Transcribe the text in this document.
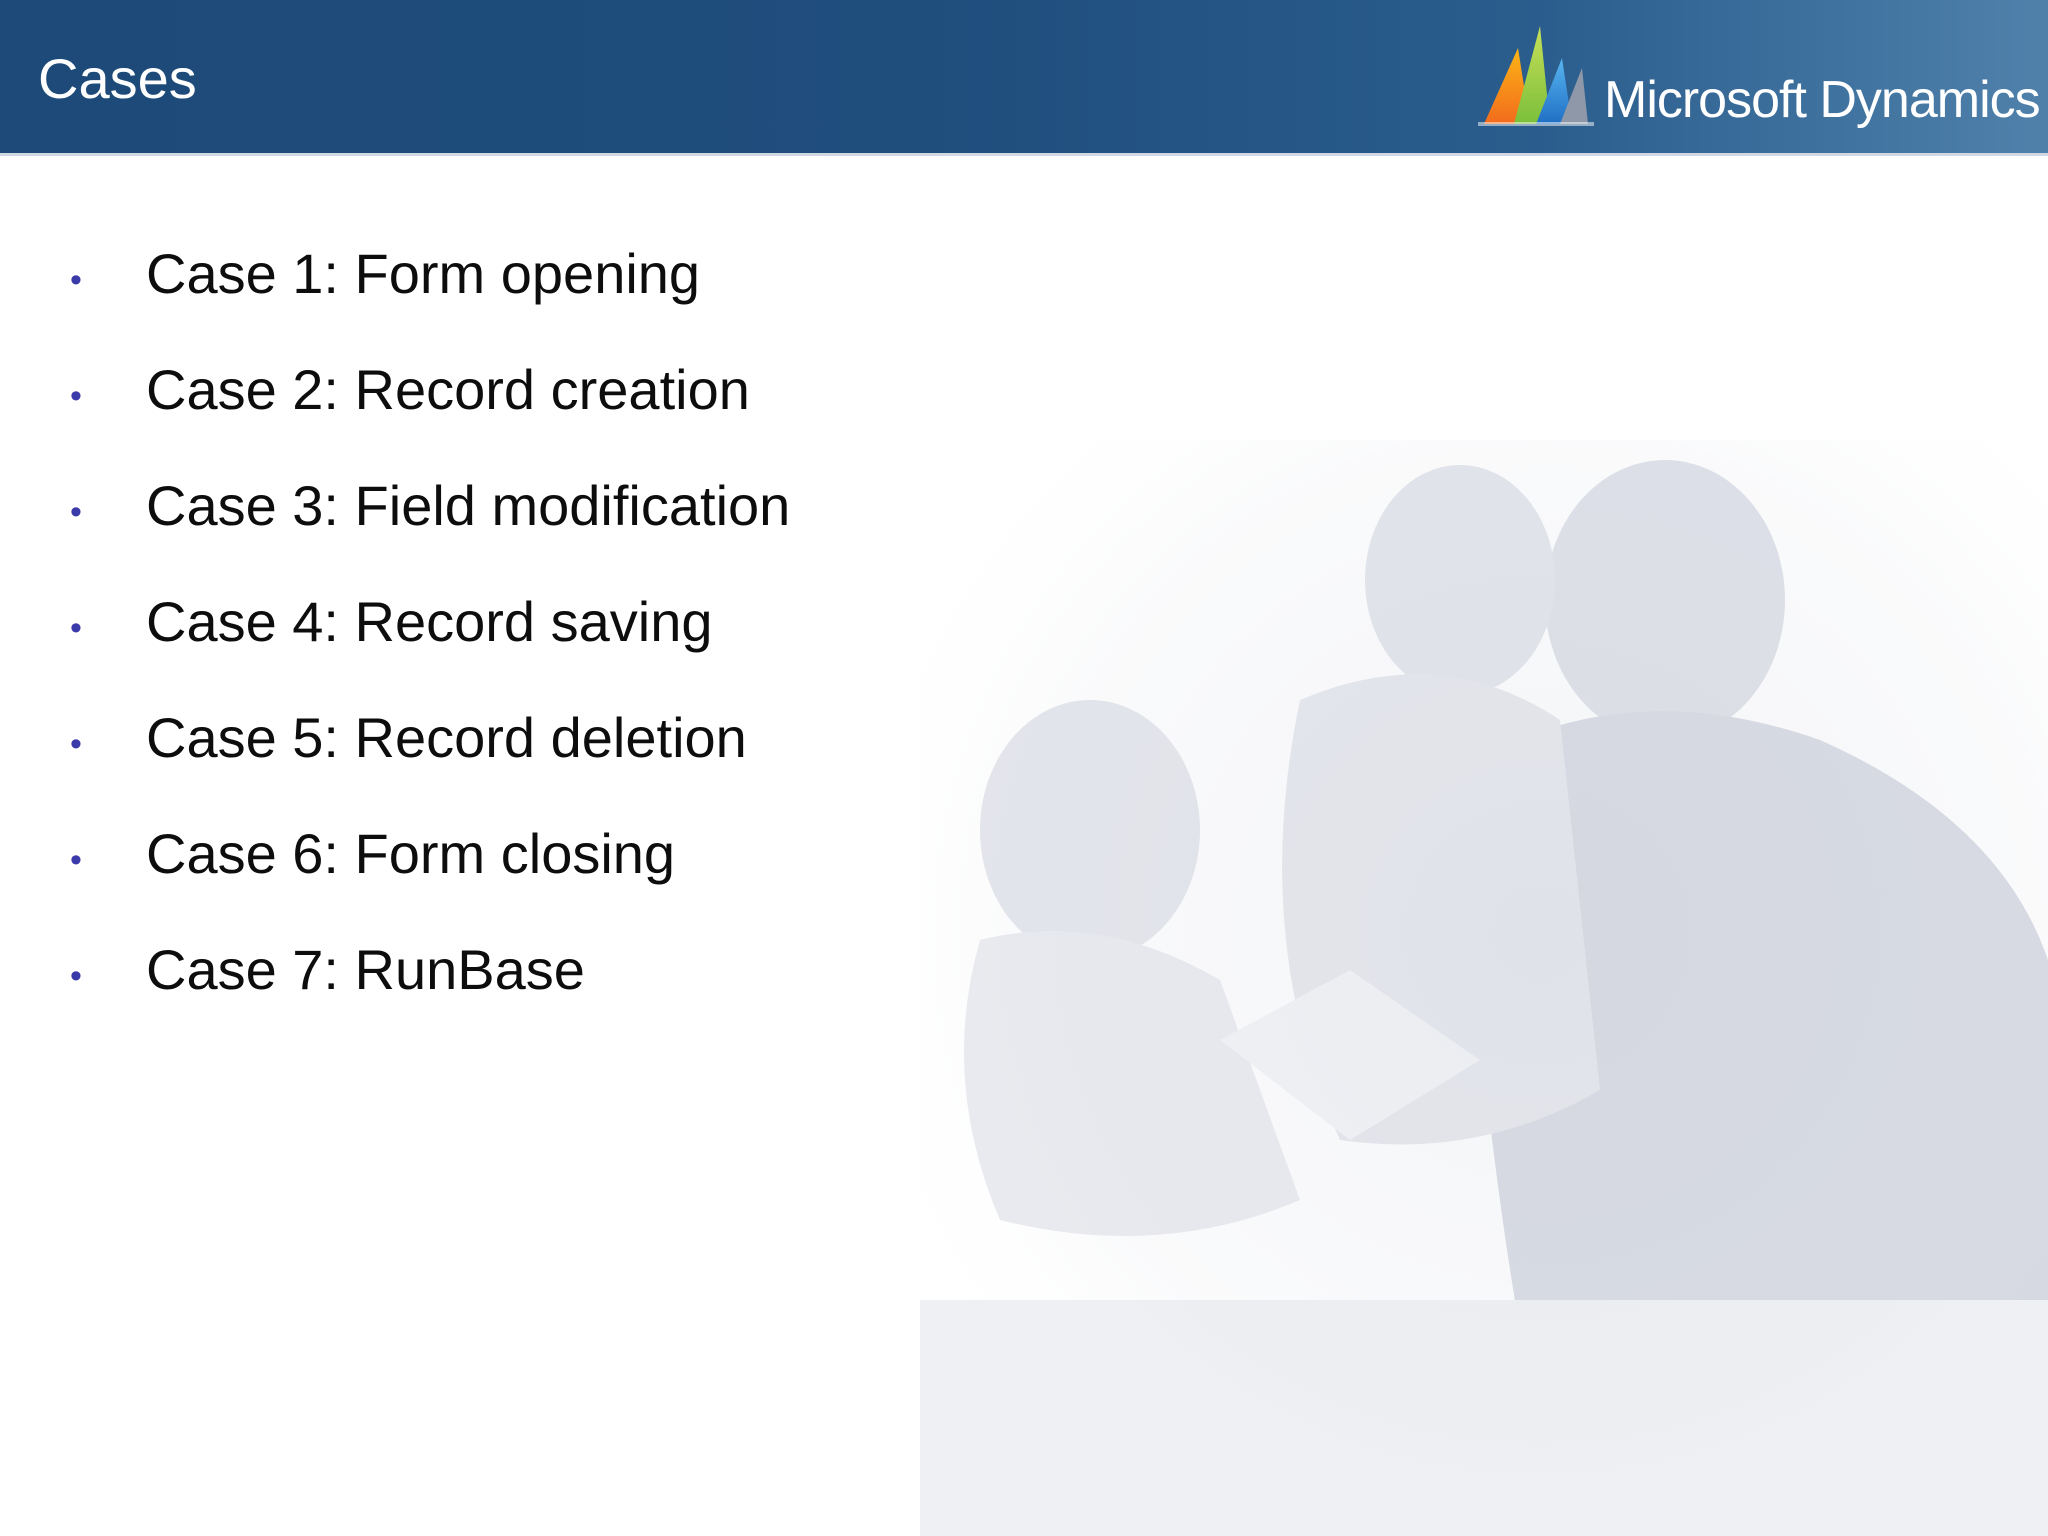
Cases	Microsoft Dynamics
• Case 1: Form opening
• Case 2: Record creation
• Case 3: Field modification
• Case 4: Record saving
• Case 5: Record deletion
• Case 6: Form closing
• Case 7: RunBase
